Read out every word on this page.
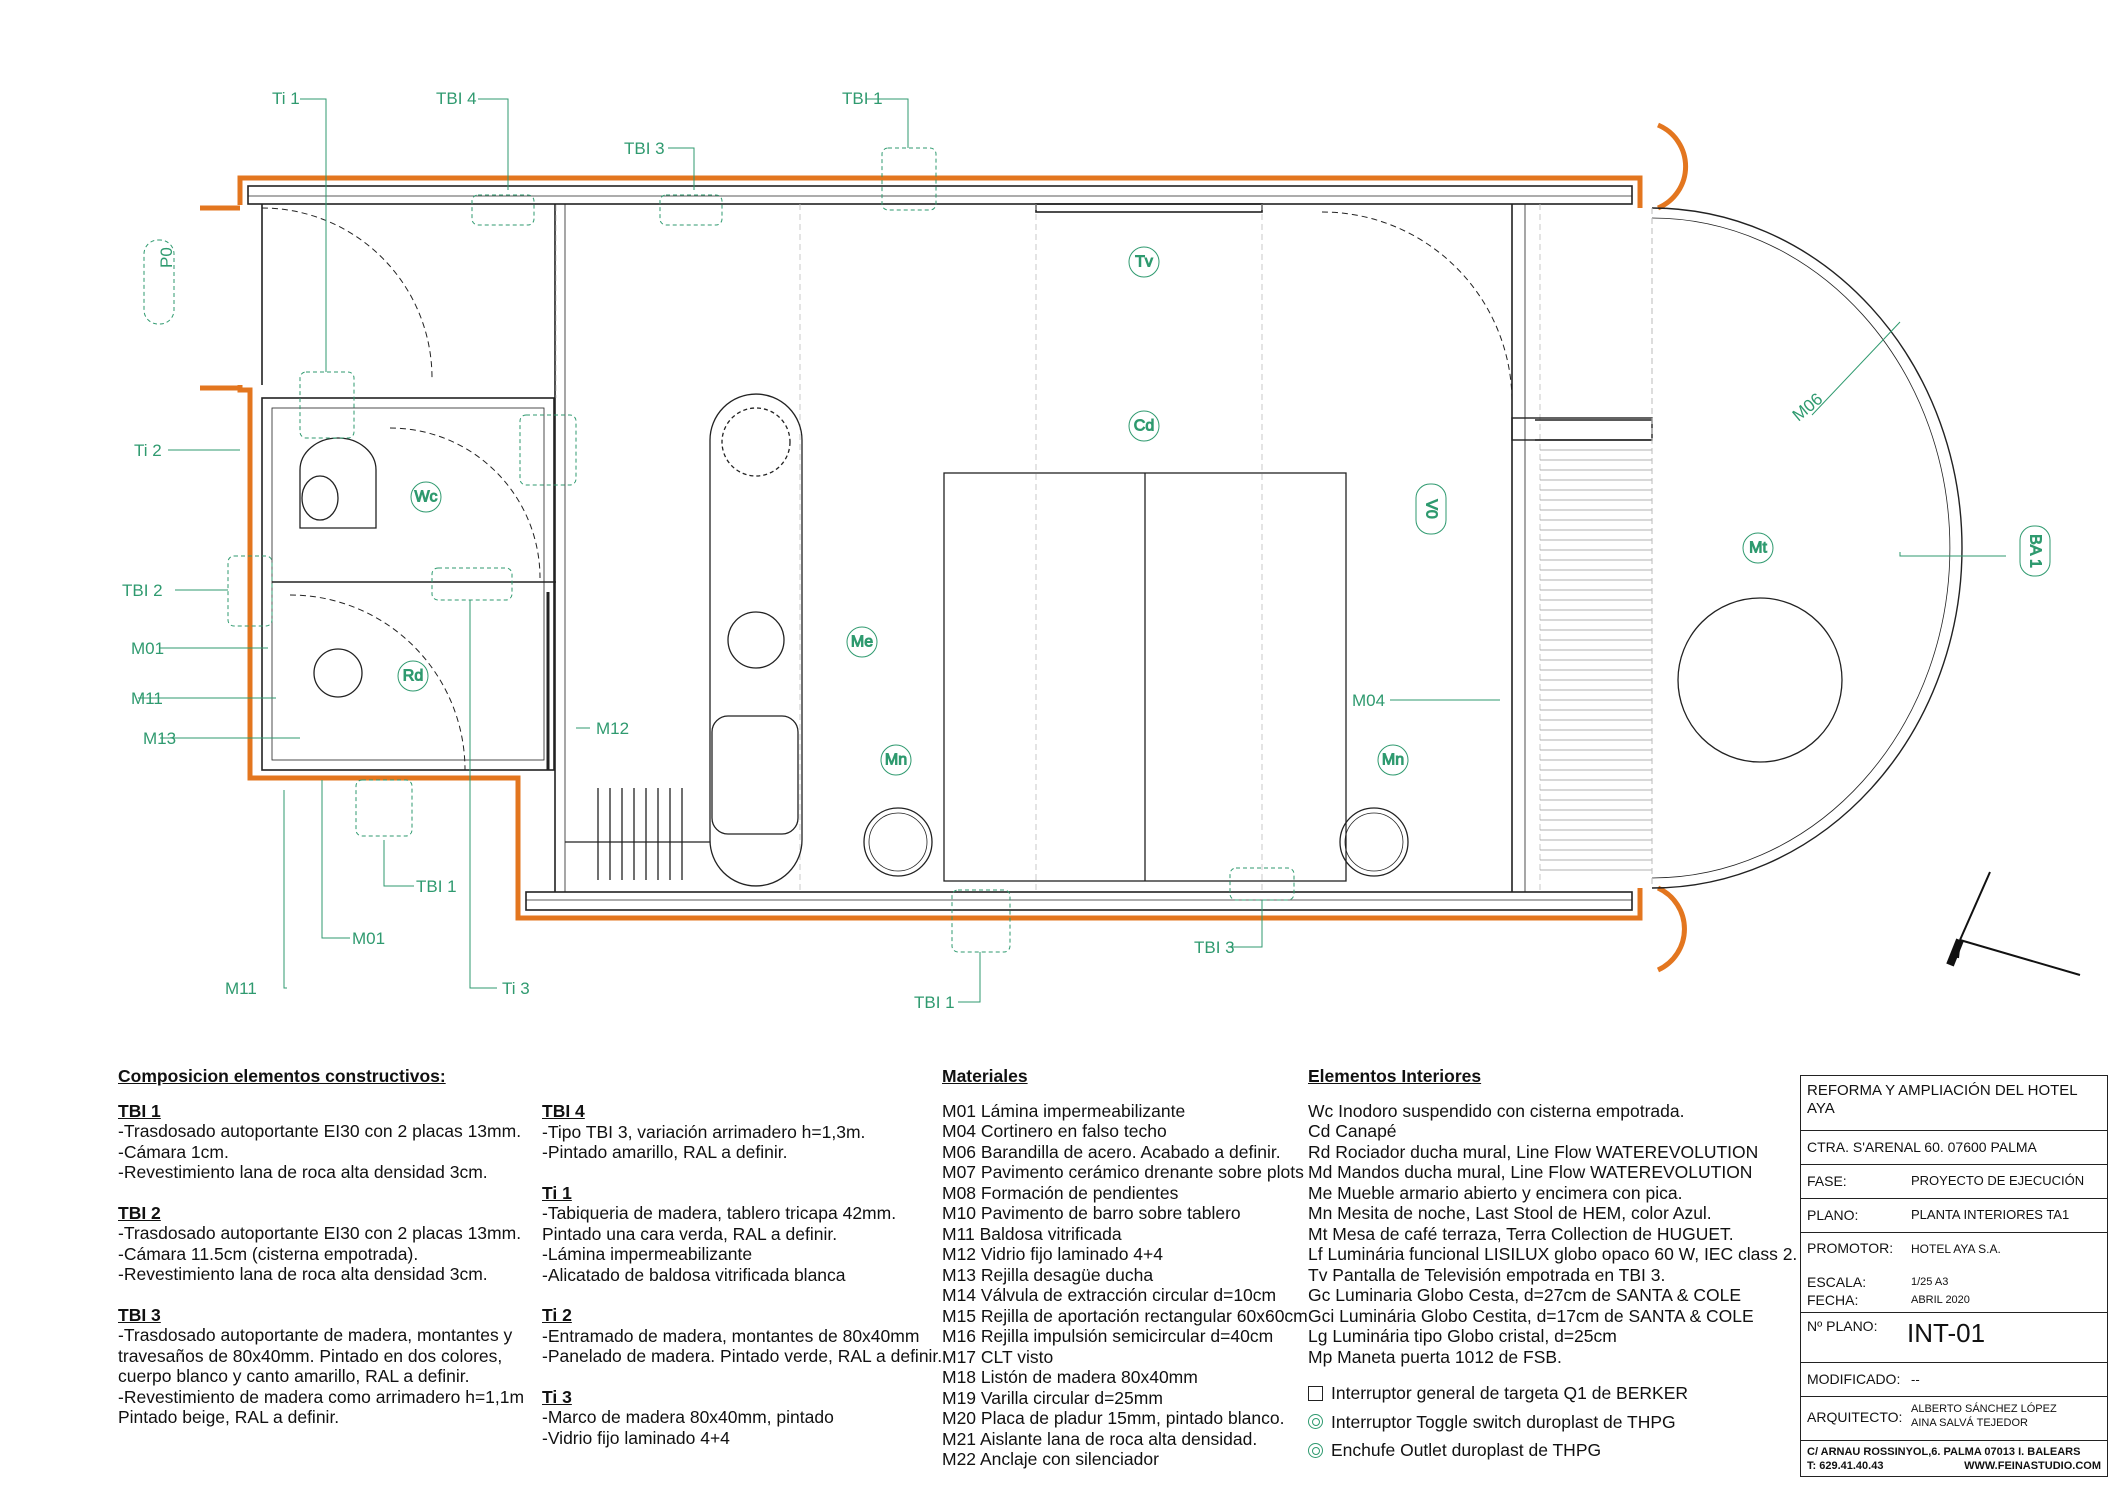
Ti 1	TBI 4
TBI 3
TBI 1
P0
Ti 2
TBI 2
M01
M11
M13
M12
TBI 1
M01
M11	Ti 3
TBI 1
TBI 3
M04
M06
Wc
Rd
Cd
Tv
Me
Mn	Mn
Mt
V0
BA 1
Composicion elementos constructivos:
TBI 1
-Trasdosado autoportante EI30 con 2 placas 13mm.
-Cámara 1cm.
-Revestimiento lana de roca alta densidad 3cm.
TBI 2
-Trasdosado autoportante EI30 con 2 placas 13mm.
-Cámara 11.5cm (cisterna empotrada).
-Revestimiento lana de roca alta densidad 3cm.
TBI 3
-Trasdosado autoportante de madera, montantes y
travesaños de 80x40mm. Pintado en dos colores,
cuerpo blanco y canto amarillo, RAL a definir.
-Revestimiento de madera como arrimadero h=1,1m
Pintado beige, RAL a definir.
TBI 4
-Tipo TBI 3, variación arrimadero h=1,3m.
-Pintado amarillo, RAL a definir.
Ti 1
-Tabiqueria de madera, tablero tricapa 42mm.
Pintado una cara verda, RAL a definir.
-Lámina impermeabilizante
-Alicatado de baldosa vitrificada blanca
Ti 2
-Entramado de madera, montantes de 80x40mm
-Panelado de madera. Pintado verde, RAL a definir.
Ti 3
-Marco de madera 80x40mm, pintado
-Vidrio fijo laminado 4+4
Materiales
M01 Lámina impermeabilizante
M04 Cortinero en falso techo
M06 Barandilla de acero. Acabado a definir.
M07 Pavimento cerámico drenante sobre plots
M08 Formación de pendientes
M10 Pavimento de barro sobre tablero
M11 Baldosa vitrificada
M12 Vidrio fijo laminado 4+4
M13 Rejilla desagüe ducha
M14 Válvula de extracción circular d=10cm
M15 Rejilla de aportación rectangular 60x60cm
M16 Rejilla impulsión semicircular d=40cm
M17 CLT visto
M18 Listón de madera 80x40mm
M19 Varilla circular d=25mm
M20 Placa de pladur 15mm, pintado blanco.
M21 Aislante lana de roca alta densidad.
M22 Anclaje con silenciador
Elementos Interiores
Wc Inodoro suspendido con cisterna empotrada.
Cd Canapé
Rd Rociador ducha mural, Line Flow WATEREVOLUTION
Md Mandos ducha mural, Line Flow WATEREVOLUTION
Me Mueble armario abierto y encimera con pica.
Mn Mesita de noche, Last Stool de HEM, color Azul.
Mt Mesa de café terraza, Terra Collection de HUGUET.
Lf Luminária funcional LISILUX globo opaco 60 W, IEC class 2.
Tv Pantalla de Televisión empotrada en TBI 3.
Gc Luminaria Globo Cesta, d=27cm de SANTA & COLE
Gci Luminária Globo Cestita, d=17cm de SANTA & COLE
Lg Luminária tipo Globo cristal, d=25cm
Mp Maneta puerta 1012 de FSB.
Interruptor general de targeta Q1 de BERKER
Interruptor Toggle switch duroplast de THPG
Enchufe Outlet duroplast de THPG
REFORMA Y AMPLIACIÓN DEL HOTEL AYA
CTRA. S'ARENAL 60. 07600 PALMA
FASE:	PROYECTO DE EJECUCIÓN
PLANO:	PLANTA INTERIORES TA1
PROMOTOR: HOTEL AYA S.A.
ESCALA:	1/25 A3
FECHA:	ABRIL 2020
Nº PLANO: INT-01
MODIFICADO: --
ARQUITECTO: ALBERTO SÁNCHEZ LÓPEZ
AINA SALVÁ TEJEDOR
C/ ARNAU ROSSINYOL,6. PALMA 07013 I. BALEARS
T: 629.41.40.43	WWW.FEINASTUDIO.COM
